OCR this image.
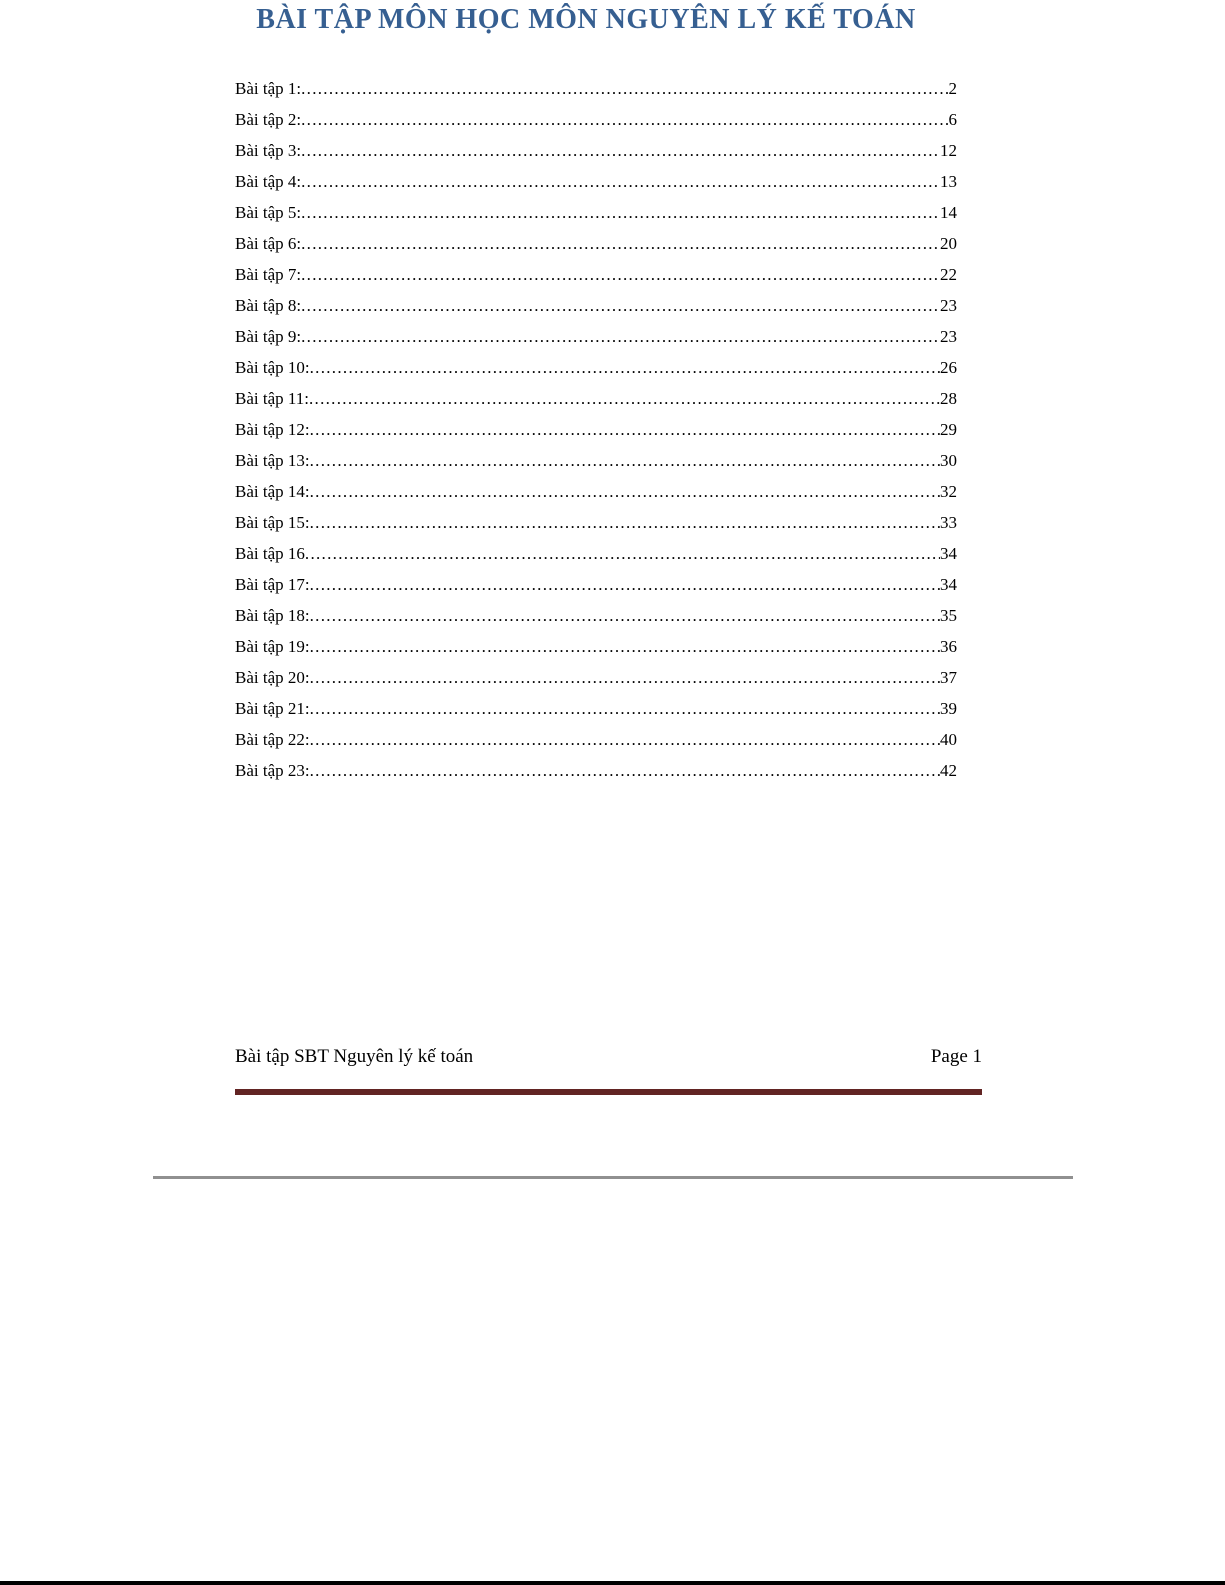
BÀI TẬP MÔN HỌC MÔN NGUYÊN LÝ KẾ TOÁN
Bài tập 1: .....	2
Bài tập 2: .....	6
Bài tập 3: .....	12
Bài tập 4: .....	13
Bài tập 5: .....	14
Bài tập 6: .....	20
Bài tập 7: .....	22
Bài tập 8: .....	23
Bài tập 9: .....	23
Bài tập 10: .....	26
Bài tập 11: .....	28
Bài tập 12: .....	29
Bài tập 13: .....	30
Bài tập 14: .....	32
Bài tập 15: .....	33
Bài tập 16 .....	34
Bài tập 17: .....	34
Bài tập 18: .....	35
Bài tập 19: .....	36
Bài tập 20: .....	37
Bài tập 21: .....	39
Bài tập 22: .....	40
Bài tập 23: .....	42
Bài tập SBT Nguyên lý kế toán	Page 1
